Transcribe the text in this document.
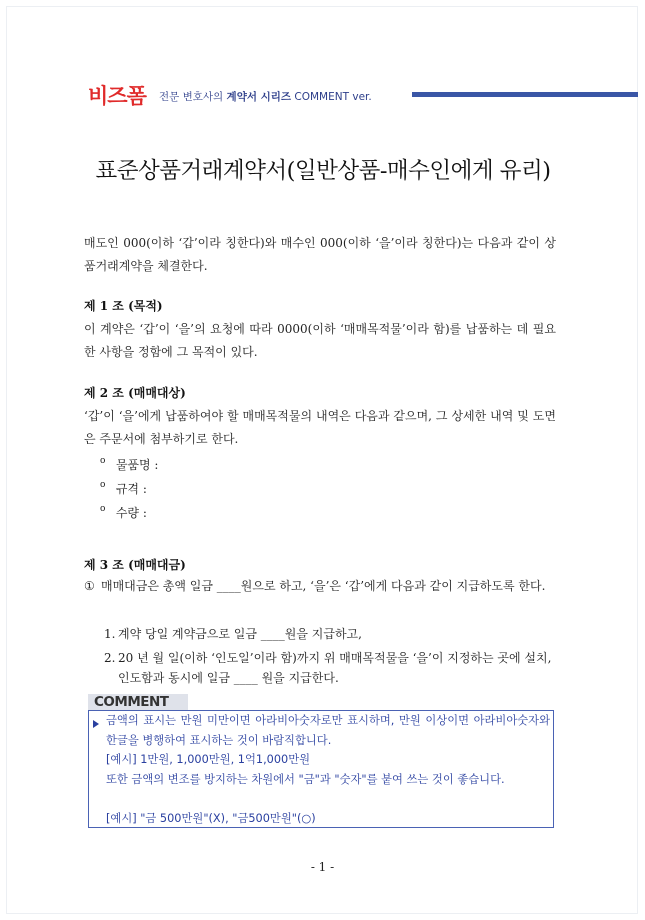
비즈폼	전문 변호사의 계약서 시리즈 COMMENT ver.
표준상품거래계약서(일반상품-매수인에게 유리)
매도인 000(이하 ‘갑’이라 칭한다)와 매수인 000(이하 ‘을’이라 칭한다)는 다음과 같이 상품거래계약을 체결한다.
제 1 조 (목적)
이 계약은 ‘갑’이 ‘을’의 요청에 따라 0000(이하 ‘매매목적물’이라 함)를 납품하는 데 필요한 사항을 정함에 그 목적이 있다.
제 2 조 (매매대상)
‘갑’이 ‘을’에게 납품하여야 할 매매목적물의 내역은 다음과 같으며, 그 상세한 내역 및 도면은 주문서에 첨부하기로 한다.
o 물품명 :
o 규격 :
o 수량 :
제 3 조 (매매대금)
① 매매대금은 총액 일금 ____원으로 하고, ‘을’은 ‘갑’에게 다음과 같이 지급하도록 한다.
1. 계약 당일 계약금으로 일금 ____원을 지급하고,
2. 20 년 월 일(이하 ‘인도일’이라 함)까지 위 매매목적물을 ‘을’이 지정하는 곳에 설치, 인도함과 동시에 일금 ____ 원을 지급한다.
COMMENT
금액의 표시는 만원 미만이면 아라비아숫자로만 표시하며, 만원 이상이면 아라비아숫자와 한글을 병행하여 표시하는 것이 바람직합니다.
[예시] 1만원, 1,000만원, 1억1,000만원
또한 금액의 변조를 방지하는 차원에서 "금"과 "숫자"를 붙여 쓰는 것이 좋습니다.
[예시] "금 500만원"(X), "금500만원"(○)
- 1 -
